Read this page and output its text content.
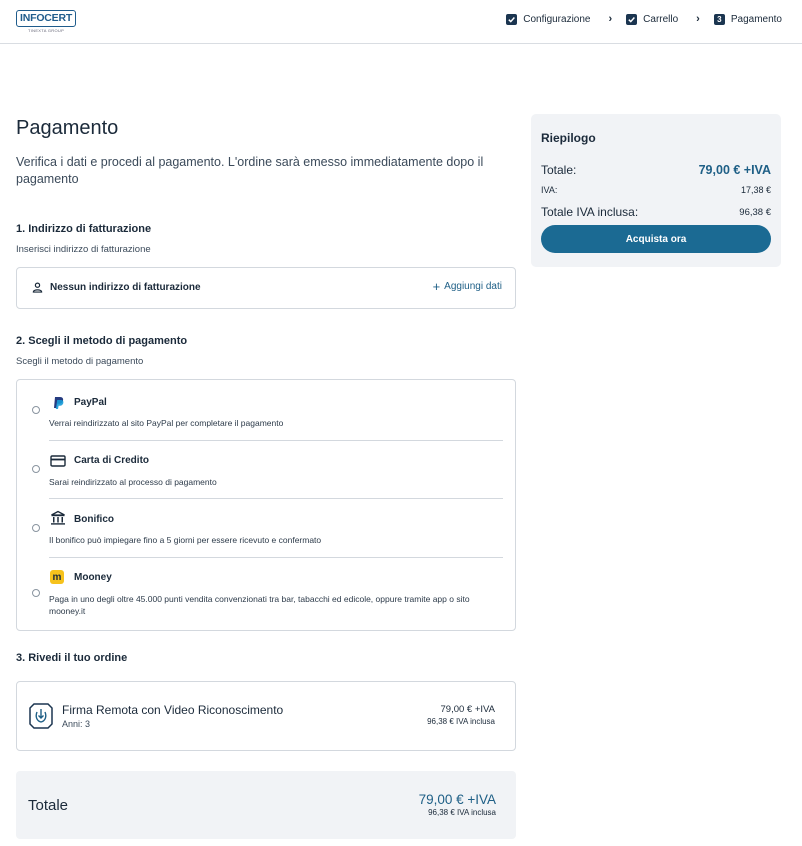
INFOCERT
TINEXTA GROUP
Configurazione ›	Carrello ›	3 Pagamento
Pagamento
Verifica i dati e procedi al pagamento. L'ordine sarà emesso immediatamente dopo il pagamento
1. Indirizzo di fatturazione
Inserisci indirizzo di fatturazione
Nessun indirizzo di fatturazione	+ Aggiungi dati
2. Scegli il metodo di pagamento
Scegli il metodo di pagamento
PayPal
Verrai reindirizzato al sito PayPal per completare il pagamento
Carta di Credito
Sarai reindirizzato al processo di pagamento
Bonifico
Il bonifico può impiegare fino a 5 giorni per essere ricevuto e confermato
m Mooney
Paga in uno degli oltre 45.000 punti vendita convenzionati tra bar, tabacchi ed edicole, oppure tramite app o sito mooney.it
3. Rivedi il tuo ordine
Firma Remota con Video Riconoscimento
Anni: 3
79,00 € +IVA
96,38 € IVA inclusa
Totale	79,00 € +IVA
96,38 € IVA inclusa
Riepilogo
Totale:	79,00 € +IVA
IVA:	17,38 €
Totale IVA inclusa:	96,38 €
Acquista ora
